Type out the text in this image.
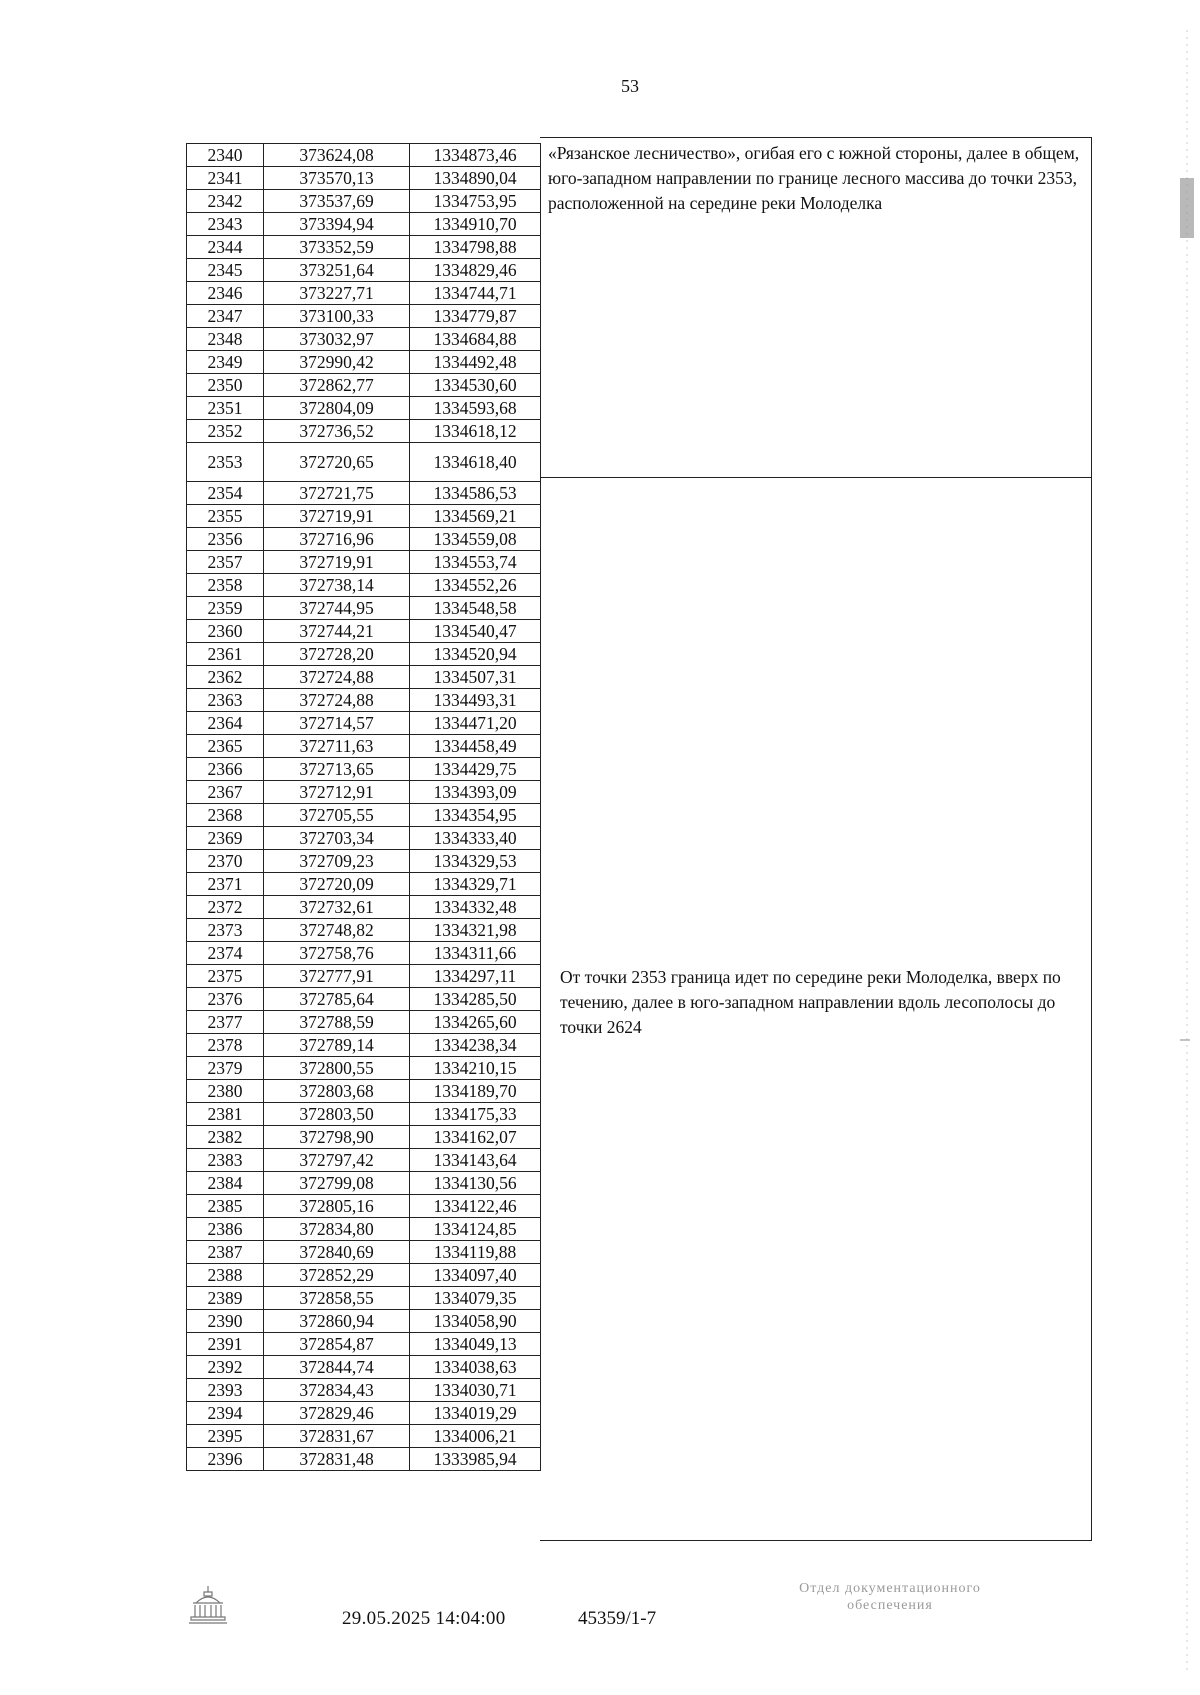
53
2340	373624,08	1334873,46
2341	373570,13	1334890,04
2342	373537,69	1334753,95
2343	373394,94	1334910,70
2344	373352,59	1334798,88
2345	373251,64	1334829,46
2346	373227,71	1334744,71
2347	373100,33	1334779,87
2348	373032,97	1334684,88
2349	372990,42	1334492,48
2350	372862,77	1334530,60
2351	372804,09	1334593,68
2352	372736,52	1334618,12
2353	372720,65	1334618,40
2354	372721,75	1334586,53
2355	372719,91	1334569,21
2356	372716,96	1334559,08
2357	372719,91	1334553,74
2358	372738,14	1334552,26
2359	372744,95	1334548,58
2360	372744,21	1334540,47
2361	372728,20	1334520,94
2362	372724,88	1334507,31
2363	372724,88	1334493,31
2364	372714,57	1334471,20
2365	372711,63	1334458,49
2366	372713,65	1334429,75
2367	372712,91	1334393,09
2368	372705,55	1334354,95
2369	372703,34	1334333,40
2370	372709,23	1334329,53
2371	372720,09	1334329,71
2372	372732,61	1334332,48
2373	372748,82	1334321,98
2374	372758,76	1334311,66
2375	372777,91	1334297,11
2376	372785,64	1334285,50
2377	372788,59	1334265,60
2378	372789,14	1334238,34
2379	372800,55	1334210,15
2380	372803,68	1334189,70
2381	372803,50	1334175,33
2382	372798,90	1334162,07
2383	372797,42	1334143,64
2384	372799,08	1334130,56
2385	372805,16	1334122,46
2386	372834,80	1334124,85
2387	372840,69	1334119,88
2388	372852,29	1334097,40
2389	372858,55	1334079,35
2390	372860,94	1334058,90
2391	372854,87	1334049,13
2392	372844,74	1334038,63
2393	372834,43	1334030,71
2394	372829,46	1334019,29
2395	372831,67	1334006,21
2396	372831,48	1333985,94

«Рязанское лесничество», огибая его с южной стороны, далее в общем, юго-западном направлении по границе лесного массива до точки 2353, расположенной на середине реки Молоделка

От точки 2353 граница идет по середине реки Молоделка, вверх по течению, далее в юго-западном направлении вдоль лесополосы до точки 2624

29.05.2025 14:04:00	45359/1-7
Отдел документационного
обеспечения
